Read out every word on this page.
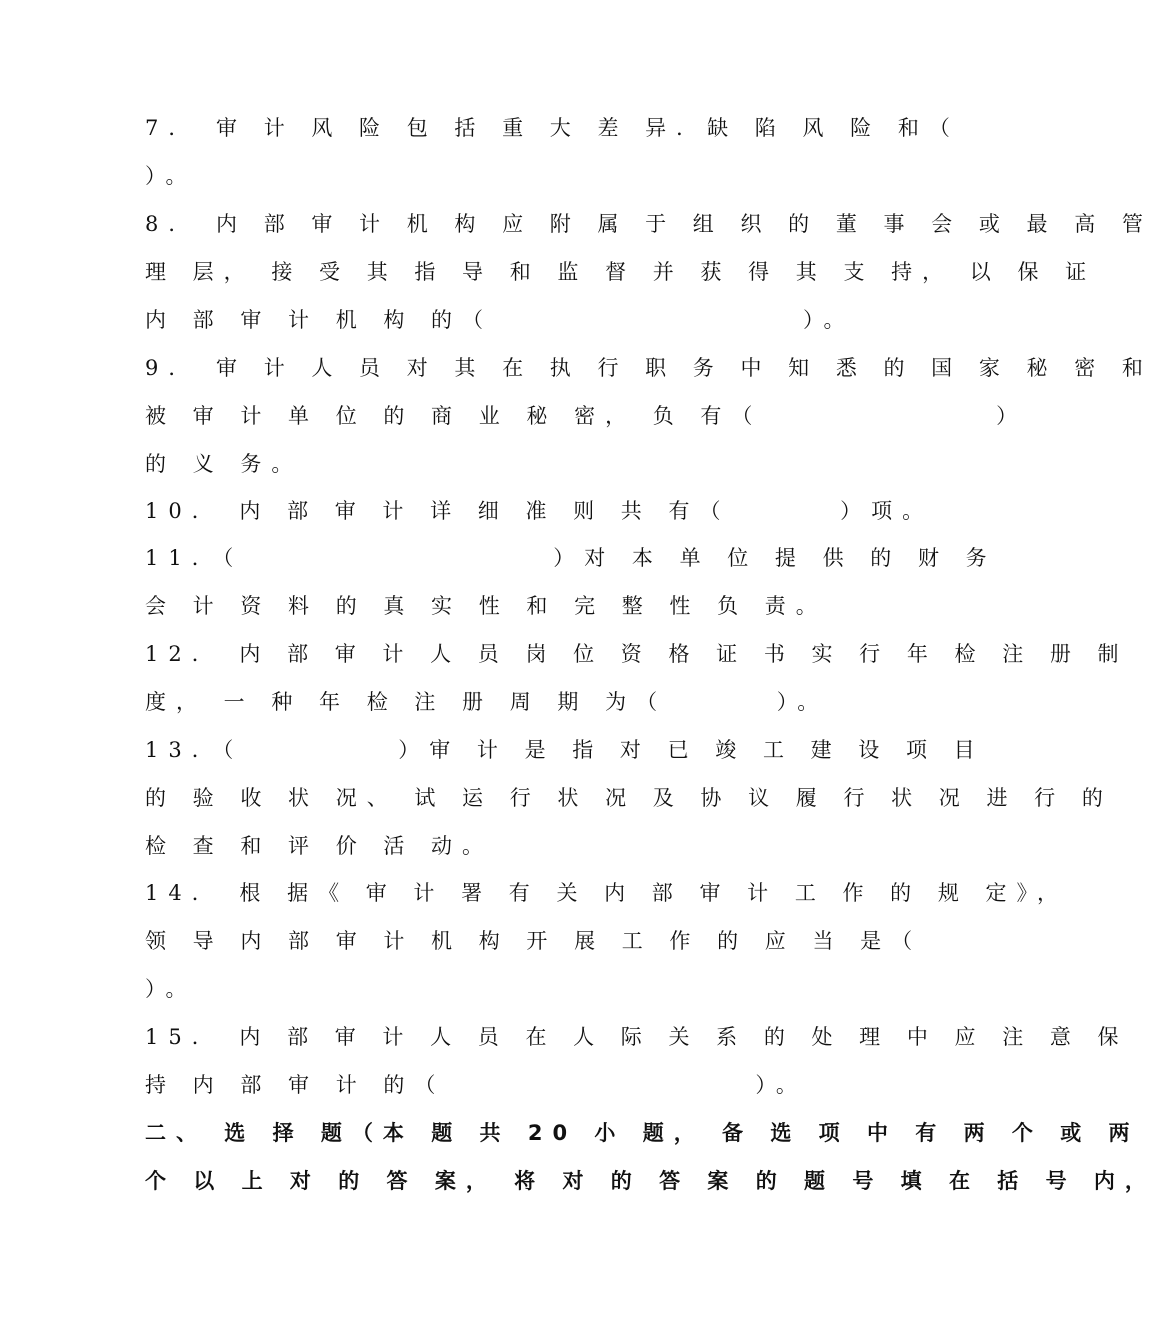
7． 审 计 风 险 包 括 重 大 差 异．缺 陷 风 险 和（
）。
8． 内 部 审 计 机 构 应 附 属 于 组 织 的 董 事 会 或 最 高 管
理 层， 接 受 其 指 导 和 监 督 并 获 得 其 支 持， 以 保 证
内 部 审 计 机 构 的（　　　　　　　　　　）。
9． 审 计 人 员 对 其 在 执 行 职 务 中 知 悉 的 国 家 秘 密 和
被 审 计 单 位 的 商 业 秘 密， 负 有（　　　　　　　 ）
的 义 务。
10． 内 部 审 计 详 细 准 则 共 有（　　　 ）项。
11．（　　　　　　　　　　）对 本 单 位 提 供 的 财 务
会 计 资 料 的 真 实 性 和 完 整 性 负 责。
12． 内 部 审 计 人 员 岗 位 资 格 证 书 实 行 年 检 注 册 制
度， 一 种 年 检 注 册 周 期 为（　　　 ）。
13．（　　　　　）审 计 是 指 对 已 竣 工 建 设 项 目
的 验 收 状 况、 试 运 行 状 况 及 协 议 履 行 状 况 进 行 的
检 查 和 评 价 活 动。
14． 根 据《 审 计 署 有 关 内 部 审 计 工 作 的 规 定》，
领 导 内 部 审 计 机 构 开 展 工 作 的 应 当 是（
）。
15． 内 部 审 计 人 员 在 人 际 关 系 的 处 理 中 应 注 意 保
持 内 部 审 计 的（　　　　　　　　　　）。
二、 选 择 题（本 题 共 20 小 题， 备 选 项 中 有 两 个 或 两
个 以 上 对 的 答 案， 将 对 的 答 案 的 题 号 填 在 括 号 内，
